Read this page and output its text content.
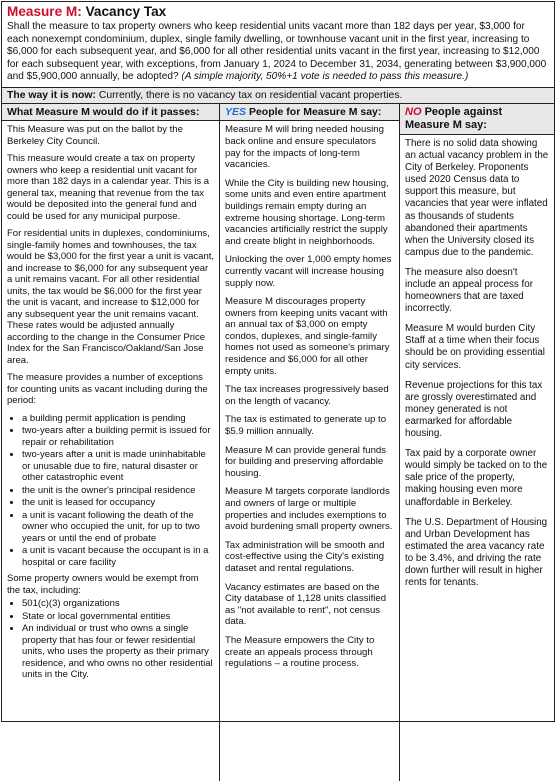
Measure M: Vacancy Tax
Shall the measure to tax property owners who keep residential units vacant more than 182 days per year, $3,000 for each nonexempt condominium, duplex, single family dwelling, or townhouse vacant unit in the first year, increasing to $6,000 for each subsequent year, and $6,000 for all other residential units vacant in the first year, increasing to $12,000 for each subsequent year, with exceptions, from January 1, 2024 to December 31, 2034, generating between $3,900,000 and $5,900,000 annually, be adopted? (A simple majority, 50%+1 vote is needed to pass this measure.)
The way it is now: Currently, there is no vacancy tax on residential vacant properties.
What Measure M would do if it passes:

This Measure was put on the ballot by the Berkeley City Council.

This measure would create a tax on property owners who keep a residential unit vacant for more than 182 days in a calendar year. This is a general tax, meaning that revenue from the tax would be deposited into the general fund and could be used for any municipal purpose.

For residential units in duplexes, condominiums, single-family homes and townhouses, the tax would be $3,000 for the first year a unit is vacant, and increase to $6,000 for any subsequent year a unit remains vacant. For all other residential units, the tax would be $6,000 for the first year the unit is vacant, and increase to $12,000 for any subsequent year the unit remains vacant. These rates would be adjusted annually according to the change in the Consumer Price Index for the San Francisco/Oakland/San Jose area.

The measure provides a number of exceptions for counting units as vacant including during the period:

• a building permit application is pending
• two-years after a building permit is issued for repair or rehabilitation
• two-years after a unit is made uninhabitable or unusable due to fire, natural disaster or other catastrophic event
• the unit is the owner's principal residence
• the unit is leased for occupancy
• a unit is vacant following the death of the owner who occupied the unit, for up to two years or until the end of probate
• a unit is vacant because the occupant is in a hospital or care facility

Some property owners would be exempt from the tax, including:

• 501(c)(3) organizations
• State or local governmental entities
• An individual or trust who owns a single property that has four or fewer residential units, who uses the property as their primary residence, and who owns no other residential units in the City.
YES People for Measure M say:

Measure M will bring needed housing back online and ensure speculators pay for the impacts of long-term vacancies.

While the City is building new housing, some units and even entire apartment buildings remain empty during an extreme housing shortage. Long-term vacancies artificially restrict the supply and create blight in neighborhoods.

Unlocking the over 1,000 empty homes currently vacant will increase housing supply now.

Measure M discourages property owners from keeping units vacant with an annual tax of $3,000 on empty condos, duplexes, and single-family homes not used as someone's primary residence and $6,000 for all other empty units.

The tax increases progressively based on the length of vacancy.

The tax is estimated to generate up to $5.9 million annually.

Measure M can provide general funds for building and preserving affordable housing.

Measure M targets corporate landlords and owners of large or multiple properties and includes exemptions to avoid burdening small property owners.

Tax administration will be smooth and cost-effective using the City's existing dataset and rental regulations.

Vacancy estimates are based on the City database of 1,128 units classified as "not available to rent", not census data.

The Measure empowers the City to create an appeals process through regulations – a routine process.

NO People against Measure M say:

There is no solid data showing an actual vacancy problem in the City of Berkeley. Proponents used 2020 Census data to support this measure, but vacancies that year were inflated as thousands of students abandoned their apartments when the University closed its campus due to the pandemic.

The measure also doesn't include an appeal process for homeowners that are taxed incorrectly.

Measure M would burden City Staff at a time when their focus should be on providing essential city services.

Revenue projections for this tax are grossly overestimated and money generated is not earmarked for affordable housing.

Tax paid by a corporate owner would simply be tacked on to the sale price of the property, making housing even more unaffordable in Berkeley.

The U.S. Department of Housing and Urban Development has estimated the area vacancy rate to be 3.4%, and driving the rate down further will result in higher rents for tenants.
